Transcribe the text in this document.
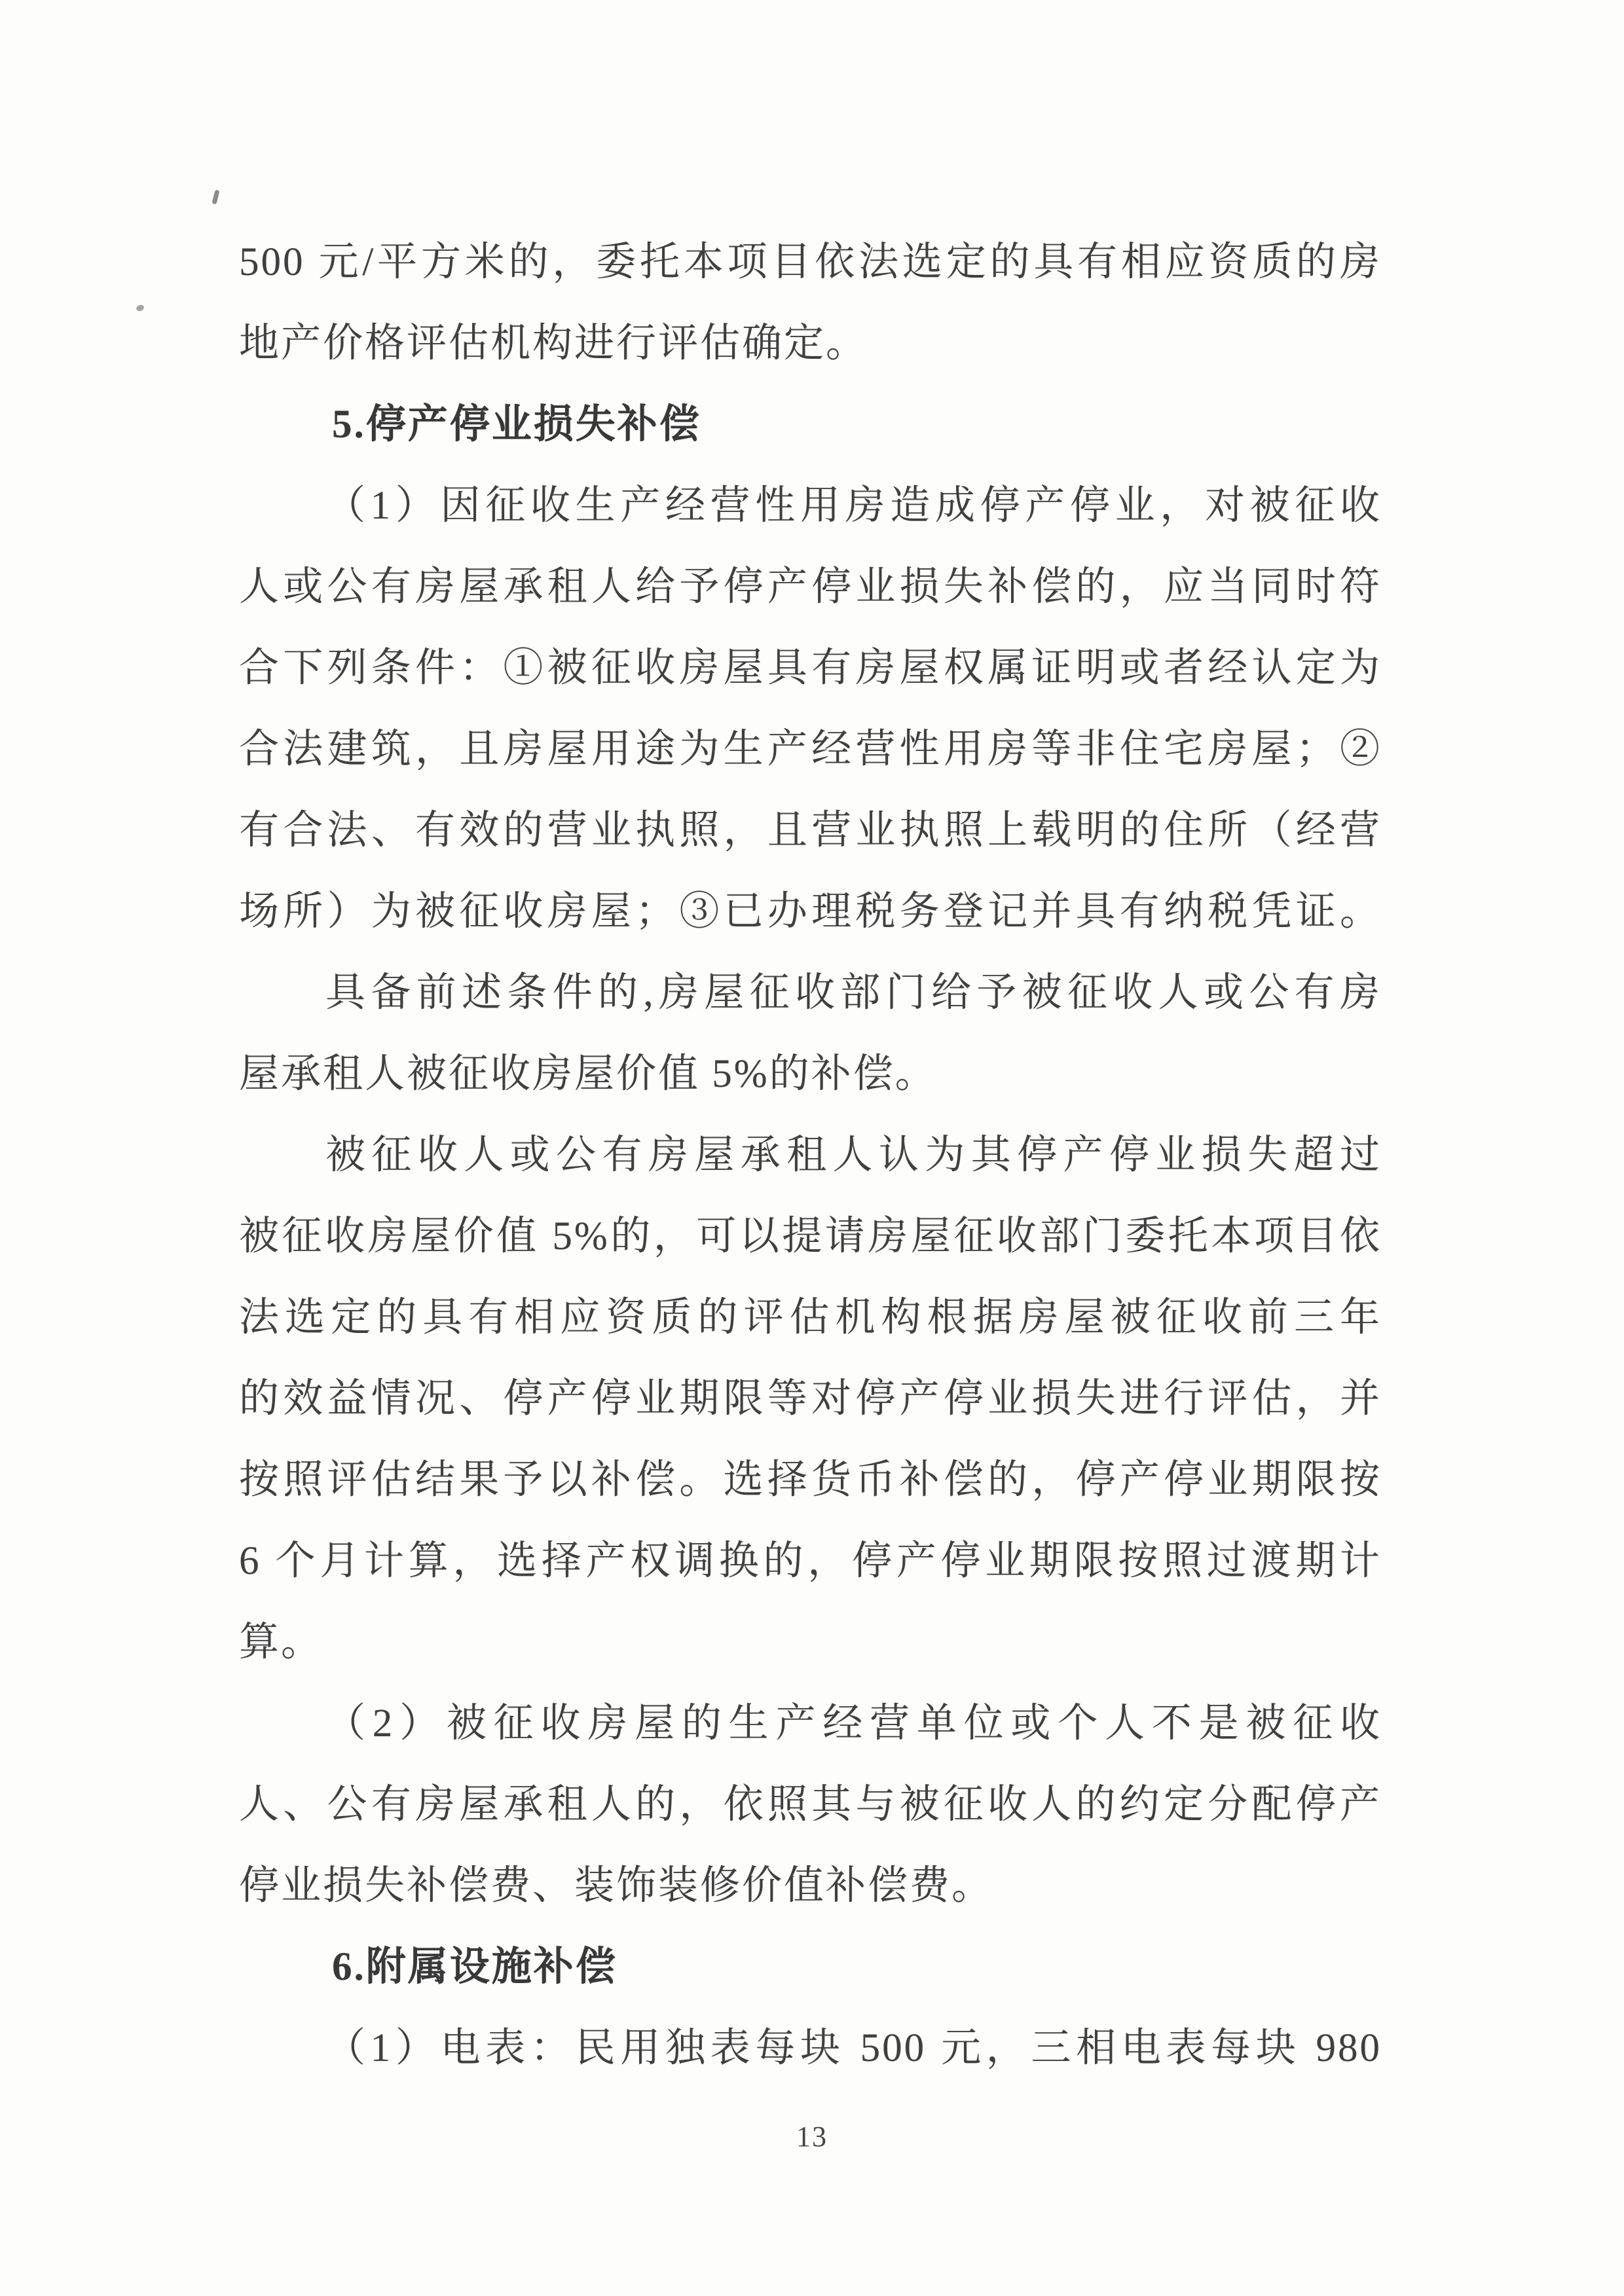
500 元/平方米的，委托本项目依法选定的具有相应资质的房
地产价格评估机构进行评估确定。
5.停产停业损失补偿
（1）因征收生产经营性用房造成停产停业，对被征收
人或公有房屋承租人给予停产停业损失补偿的，应当同时符
合下列条件：①被征收房屋具有房屋权属证明或者经认定为
合法建筑，且房屋用途为生产经营性用房等非住宅房屋；②
有合法、有效的营业执照，且营业执照上载明的住所（经营
场所）为被征收房屋；③已办理税务登记并具有纳税凭证。
具备前述条件的,房屋征收部门给予被征收人或公有房
屋承租人被征收房屋价值 5%的补偿。
被征收人或公有房屋承租人认为其停产停业损失超过
被征收房屋价值 5%的，可以提请房屋征收部门委托本项目依
法选定的具有相应资质的评估机构根据房屋被征收前三年
的效益情况、停产停业期限等对停产停业损失进行评估，并
按照评估结果予以补偿。选择货币补偿的，停产停业期限按
6 个月计算，选择产权调换的，停产停业期限按照过渡期计
算。
（2）被征收房屋的生产经营单位或个人不是被征收
人、公有房屋承租人的，依照其与被征收人的约定分配停产
停业损失补偿费、装饰装修价值补偿费。
6.附属设施补偿
（1）电表：民用独表每块 500 元，三相电表每块 980
13
